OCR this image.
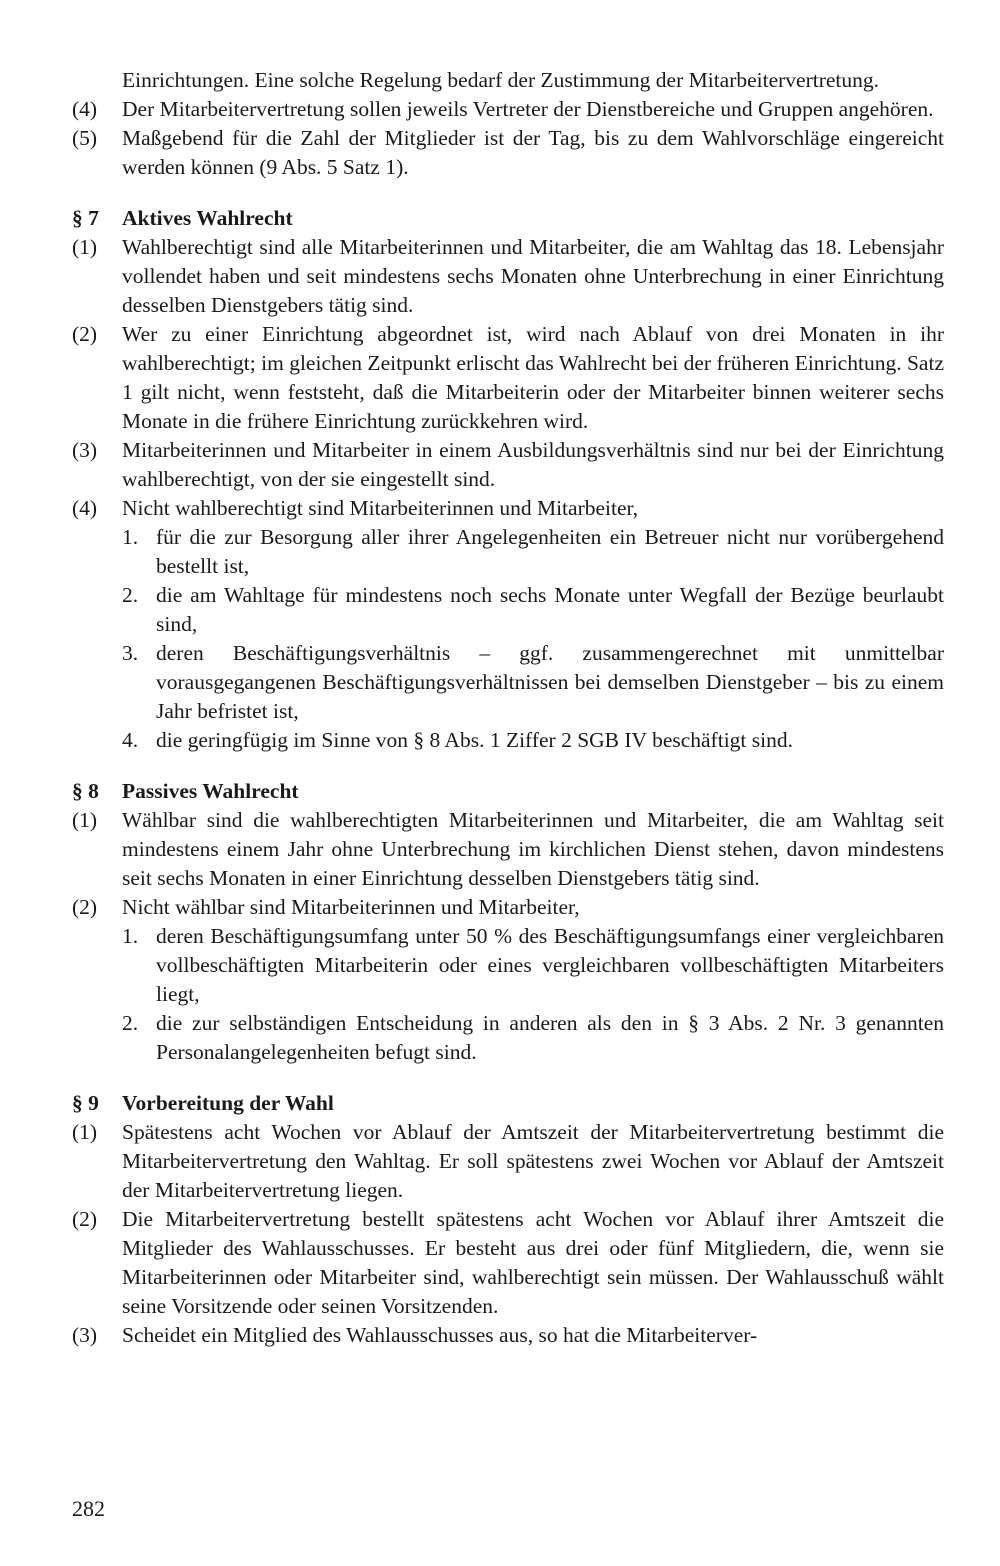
Einrichtungen. Eine solche Regelung bedarf der Zustimmung der Mitarbeitervertretung.
(4)	Der Mitarbeitervertretung sollen jeweils Vertreter der Dienstbereiche und Gruppen angehören.
(5)	Maßgebend für die Zahl der Mitglieder ist der Tag, bis zu dem Wahlvorschläge eingereicht werden können (9 Abs. 5 Satz 1).
§ 7	Aktives Wahlrecht
(1)	Wahlberechtigt sind alle Mitarbeiterinnen und Mitarbeiter, die am Wahltag das 18. Lebensjahr vollendet haben und seit mindestens sechs Monaten ohne Unterbrechung in einer Einrichtung desselben Dienstgebers tätig sind.
(2)	Wer zu einer Einrichtung abgeordnet ist, wird nach Ablauf von drei Monaten in ihr wahlberechtigt; im gleichen Zeitpunkt erlischt das Wahlrecht bei der früheren Einrichtung. Satz 1 gilt nicht, wenn feststeht, daß die Mitarbeiterin oder der Mitarbeiter binnen weiterer sechs Monate in die frühere Einrichtung zurückkehren wird.
(3)	Mitarbeiterinnen und Mitarbeiter in einem Ausbildungsverhältnis sind nur bei der Einrichtung wahlberechtigt, von der sie eingestellt sind.
(4)	Nicht wahlberechtigt sind Mitarbeiterinnen und Mitarbeiter,
1. für die zur Besorgung aller ihrer Angelegenheiten ein Betreuer nicht nur vorübergehend bestellt ist,
2. die am Wahltage für mindestens noch sechs Monate unter Wegfall der Bezüge beurlaubt sind,
3. deren Beschäftigungsverhältnis – ggf. zusammengerechnet mit unmittelbar vorausgegangenen Beschäftigungsverhältnissen bei demselben Dienstgeber – bis zu einem Jahr befristet ist,
4. die geringfügig im Sinne von § 8 Abs. 1 Ziffer 2 SGB IV beschäftigt sind.
§ 8	Passives Wahlrecht
(1)	Wählbar sind die wahlberechtigten Mitarbeiterinnen und Mitarbeiter, die am Wahltag seit mindestens einem Jahr ohne Unterbrechung im kirchlichen Dienst stehen, davon mindestens seit sechs Monaten in einer Einrichtung desselben Dienstgebers tätig sind.
(2)	Nicht wählbar sind Mitarbeiterinnen und Mitarbeiter,
1. deren Beschäftigungsumfang unter 50 % des Beschäftigungsumfangs einer vergleichbaren vollbeschäftigten Mitarbeiterin oder eines vergleichbaren vollbeschäftigten Mitarbeiters liegt,
2. die zur selbständigen Entscheidung in anderen als den in § 3 Abs. 2 Nr. 3 genannten Personalangelegenheiten befugt sind.
§ 9	Vorbereitung der Wahl
(1)	Spätestens acht Wochen vor Ablauf der Amtszeit der Mitarbeitervertretung bestimmt die Mitarbeitervertretung den Wahltag. Er soll spätestens zwei Wochen vor Ablauf der Amtszeit der Mitarbeitervertretung liegen.
(2)	Die Mitarbeitervertretung bestellt spätestens acht Wochen vor Ablauf ihrer Amtszeit die Mitglieder des Wahlausschusses. Er besteht aus drei oder fünf Mitgliedern, die, wenn sie Mitarbeiterinnen oder Mitarbeiter sind, wahlberechtigt sein müssen. Der Wahlausschuß wählt seine Vorsitzende oder seinen Vorsitzenden.
(3)	Scheidet ein Mitglied des Wahlausschusses aus, so hat die Mitarbeiterver-
282
